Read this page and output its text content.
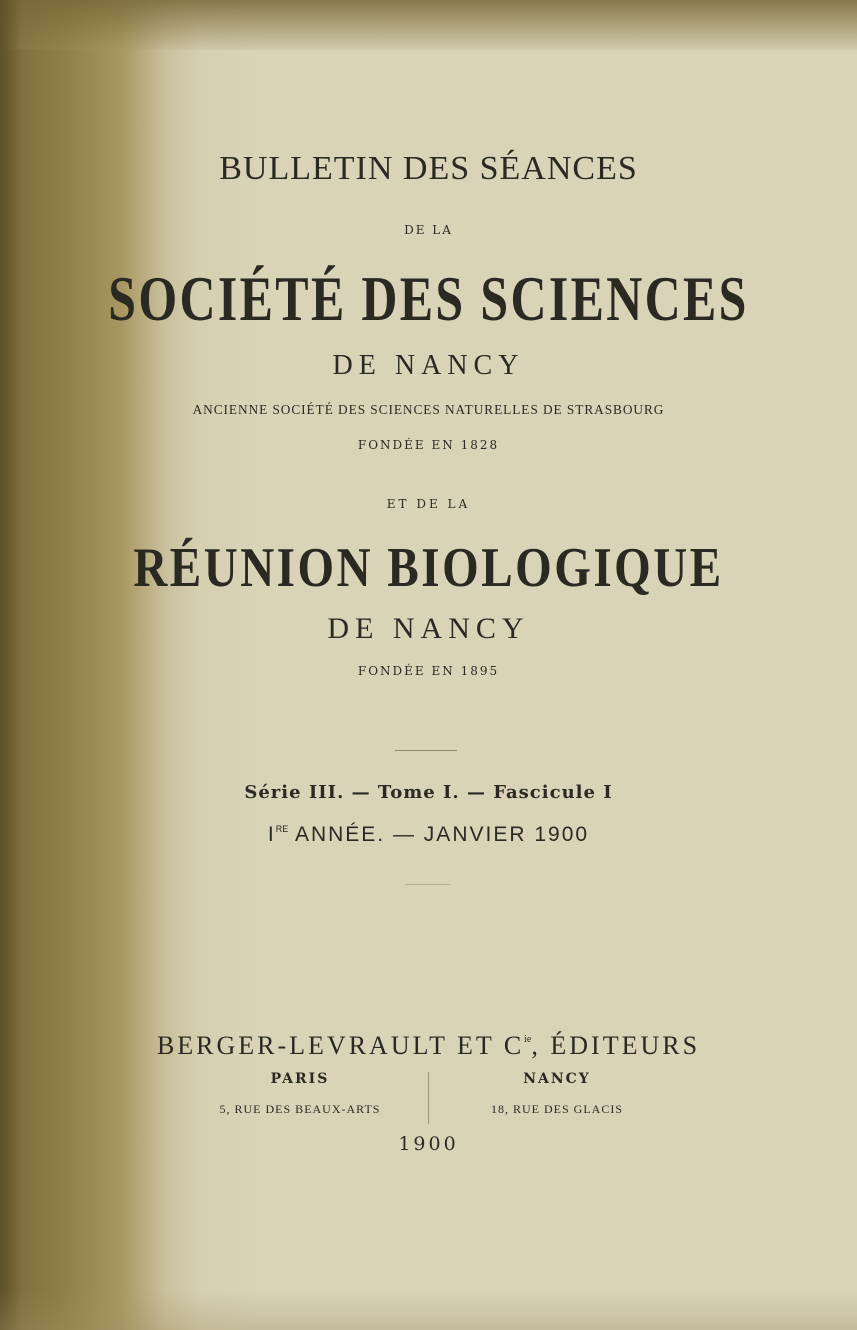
BULLETIN DES SÉANCES

DE LA

SOCIÉTÉ DES SCIENCES

DE NANCY

ANCIENNE SOCIÉTÉ DES SCIENCES NATURELLES DE STRASBOURG

FONDÉE EN 1828

ET DE LA

RÉUNION BIOLOGIQUE

DE NANCY

FONDÉE EN 1895

Série III. — Tome I. — Fascicule I

IRE ANNÉE. — JANVIER 1900

BERGER-LEVRAULT ET $C^{ie}$, ÉDITEURS

PARIS
5, RUE DES BEAUX-ARTS
NANCY
18, RUE DES GLACIS

1900
